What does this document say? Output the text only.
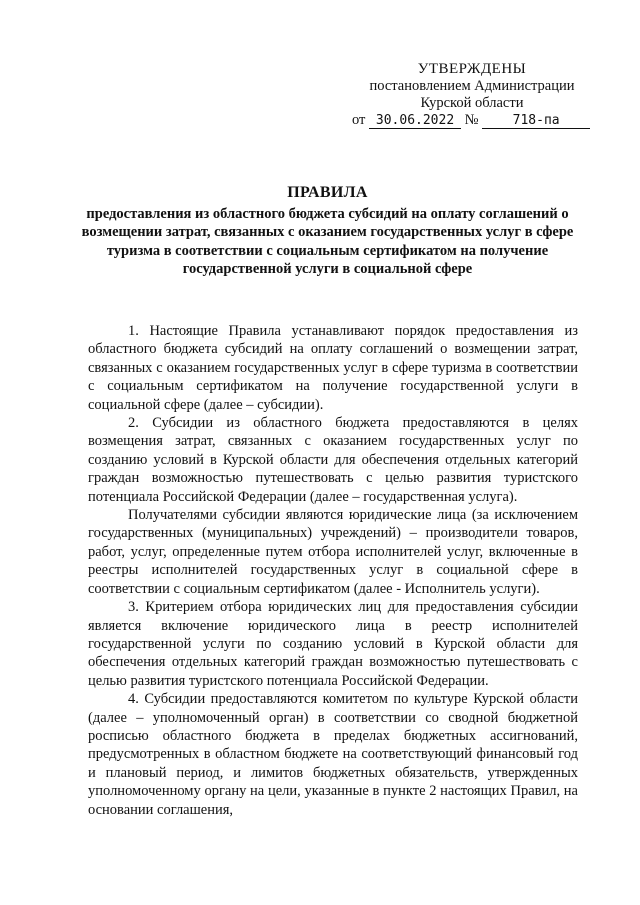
УТВЕРЖДЕНЫ
постановлением Администрации
Курской области
от 30.06.2022 №	718-па
ПРАВИЛА
предоставления из областного бюджета субсидий на оплату соглашений о возмещении затрат, связанных с оказанием государственных услуг в сфере туризма в соответствии с социальным сертификатом на получение государственной услуги в социальной сфере

1. Настоящие Правила устанавливают порядок предоставления из областного бюджета субсидий на оплату соглашений о возмещении затрат, связанных с оказанием государственных услуг в сфере туризма в соответствии с социальным сертификатом на получение государственной услуги в социальной сфере (далее – субсидии).

2. Субсидии из областного бюджета предоставляются в целях возмещения затрат, связанных с оказанием государственных услуг по созданию условий в Курской области для обеспечения отдельных категорий граждан возможностью путешествовать с целью развития туристского потенциала Российской Федерации (далее – государственная услуга).

Получателями субсидии являются юридические лица (за исключением государственных (муниципальных) учреждений) – производители товаров, работ, услуг, определенные путем отбора исполнителей услуг, включенные в реестры исполнителей государственных услуг в социальной сфере в соответствии с социальным сертификатом (далее - Исполнитель услуги).

3. Критерием отбора юридических лиц для предоставления субсидии является включение юридического лица в реестр исполнителей государственной услуги по созданию условий в Курской области для обеспечения отдельных категорий граждан возможностью путешествовать с целью развития туристского потенциала Российской Федерации.

4. Субсидии предоставляются комитетом по культуре Курской области (далее – уполномоченный орган) в соответствии со сводной бюджетной росписью областного бюджета в пределах бюджетных ассигнований, предусмотренных в областном бюджете на соответствующий финансовый год и плановый период, и лимитов бюджетных обязательств, утвержденных уполномоченному органу на цели, указанные в пункте 2 настоящих Правил, на основании соглашения,
